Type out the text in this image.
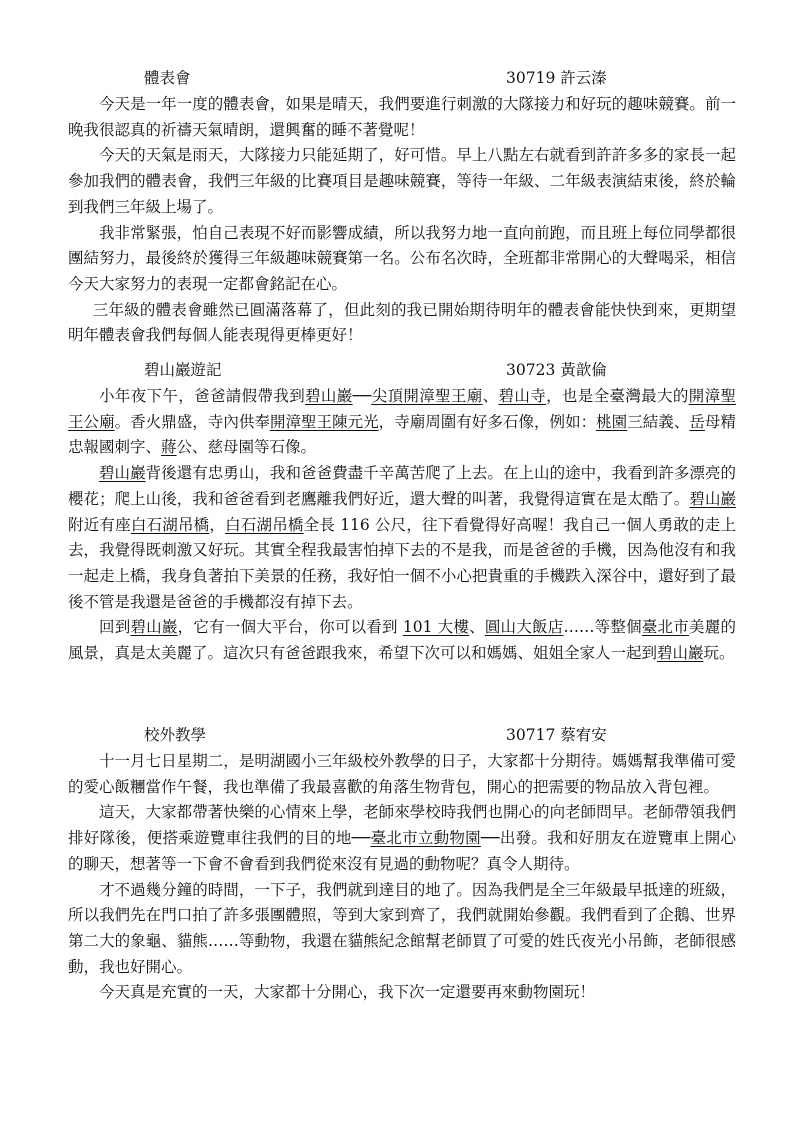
體表會	30719 許云溱

今天是一年一度的體表會，如果是晴天，我們要進行刺激的大隊接力和好玩的趣味競賽。前一晚我很認真的祈禱天氣晴朗，還興奮的睡不著覺呢！

今天的天氣是雨天，大隊接力只能延期了，好可惜。早上八點左右就看到許許多多的家長一起參加我們的體表會，我們三年級的比賽項目是趣味競賽，等待一年級、二年級表演結束後，終於輪到我們三年級上場了。

我非常緊張，怕自己表現不好而影響成績，所以我努力地一直向前跑，而且班上每位同學都很團結努力，最後終於獲得三年級趣味競賽第一名。公布名次時，全班都非常開心的大聲喝采，相信今天大家努力的表現一定都會銘記在心。

三年級的體表會雖然已圓滿落幕了，但此刻的我已開始期待明年的體表會能快快到來，更期望明年體表會我們每個人能表現得更棒更好！

碧山巖遊記	30723 黃歆倫

小年夜下午，爸爸請假帶我到碧山巖──尖頂開漳聖王廟、碧山寺，也是全臺灣最大的開漳聖王公廟。香火鼎盛，寺內供奉開漳聖王陳元光，寺廟周圍有好多石像，例如：桃園三結義、岳母精忠報國刺字、蔣公、慈母園等石像。

碧山巖背後還有忠勇山，我和爸爸費盡千辛萬苦爬了上去。在上山的途中，我看到許多漂亮的櫻花；爬上山後，我和爸爸看到老鷹離我們好近，還大聲的叫著，我覺得這實在是太酷了。碧山巖附近有座白石湖吊橋，白石湖吊橋全長 116 公尺，往下看覺得好高喔！我自己一個人勇敢的走上去，我覺得既刺激又好玩。其實全程我最害怕掉下去的不是我，而是爸爸的手機，因為他沒有和我一起走上橋，我身負著拍下美景的任務，我好怕一個不小心把貴重的手機跌入深谷中，還好到了最後不管是我還是爸爸的手機都沒有掉下去。

回到碧山巖，它有一個大平台，你可以看到 101 大樓、圓山大飯店……等整個臺北市美麗的風景，真是太美麗了。這次只有爸爸跟我來，希望下次可以和媽媽、姐姐全家人一起到碧山巖玩。

校外教學	30717 蔡宥安

十一月七日星期二，是明湖國小三年級校外教學的日子，大家都十分期待。媽媽幫我準備可愛的愛心飯糰當作午餐，我也準備了我最喜歡的角落生物背包，開心的把需要的物品放入背包裡。

這天，大家都帶著快樂的心情來上學，老師來學校時我們也開心的向老師問早。老師帶領我們排好隊後，便搭乘遊覽車往我們的目的地──臺北市立動物園──出發。我和好朋友在遊覽車上開心的聊天，想著等一下會不會看到我們從來沒有見過的動物呢？真令人期待。

才不過幾分鐘的時間，一下子，我們就到達目的地了。因為我們是全三年級最早抵達的班級，所以我們先在門口拍了許多張團體照，等到大家到齊了，我們就開始參觀。我們看到了企鵝、世界第二大的象龜、貓熊……等動物，我還在貓熊紀念館幫老師買了可愛的姓氏夜光小吊飾，老師很感動，我也好開心。

今天真是充實的一天，大家都十分開心，我下次一定還要再來動物園玩！
